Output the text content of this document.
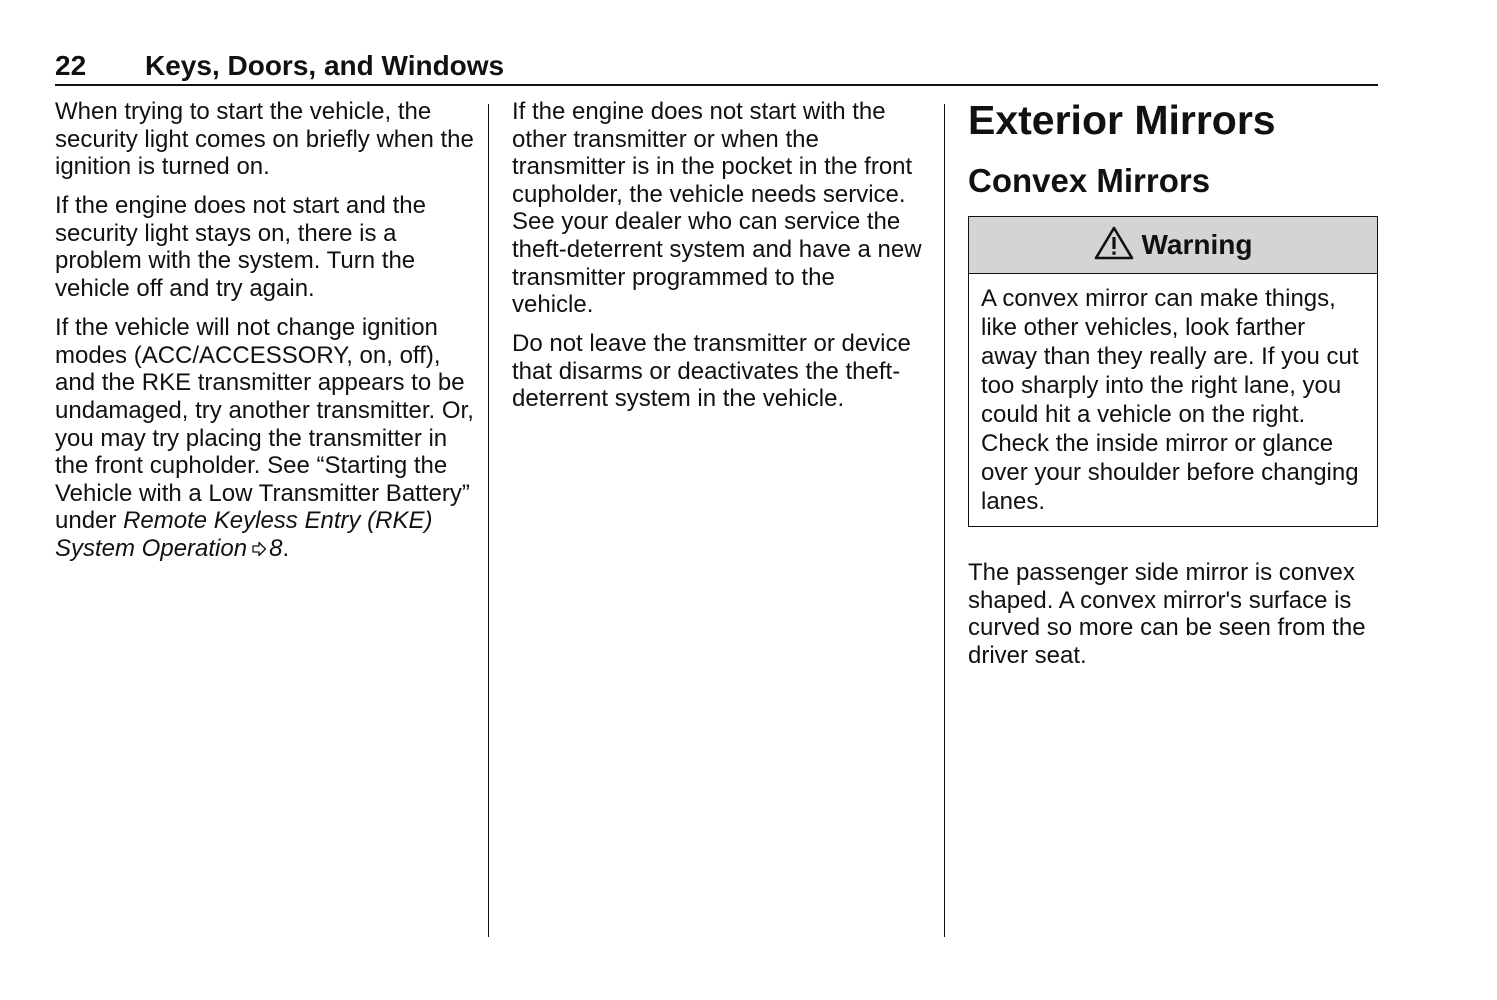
22 Keys, Doors, and Windows

When trying to start the vehicle, the security light comes on briefly when the ignition is turned on.

If the engine does not start and the security light stays on, there is a problem with the system. Turn the vehicle off and try again.

If the vehicle will not change ignition modes (ACC/ACCESSORY, on, off), and the RKE transmitter appears to be undamaged, try another transmitter. Or, you may try placing the transmitter in the front cupholder. See “Starting the Vehicle with a Low Transmitter Battery” under Remote Keyless Entry (RKE) System Operation 8.

If the engine does not start with the other transmitter or when the transmitter is in the pocket in the front cupholder, the vehicle needs service. See your dealer who can service the theft-deterrent system and have a new transmitter programmed to the vehicle.

Do not leave the transmitter or device that disarms or deactivates the theft-deterrent system in the vehicle.

Exterior Mirrors
Convex Mirrors
Warning
A convex mirror can make things, like other vehicles, look farther away than they really are. If you cut too sharply into the right lane, you could hit a vehicle on the right. Check the inside mirror or glance over your shoulder before changing lanes.

The passenger side mirror is convex shaped. A convex mirror's surface is curved so more can be seen from the driver seat.
